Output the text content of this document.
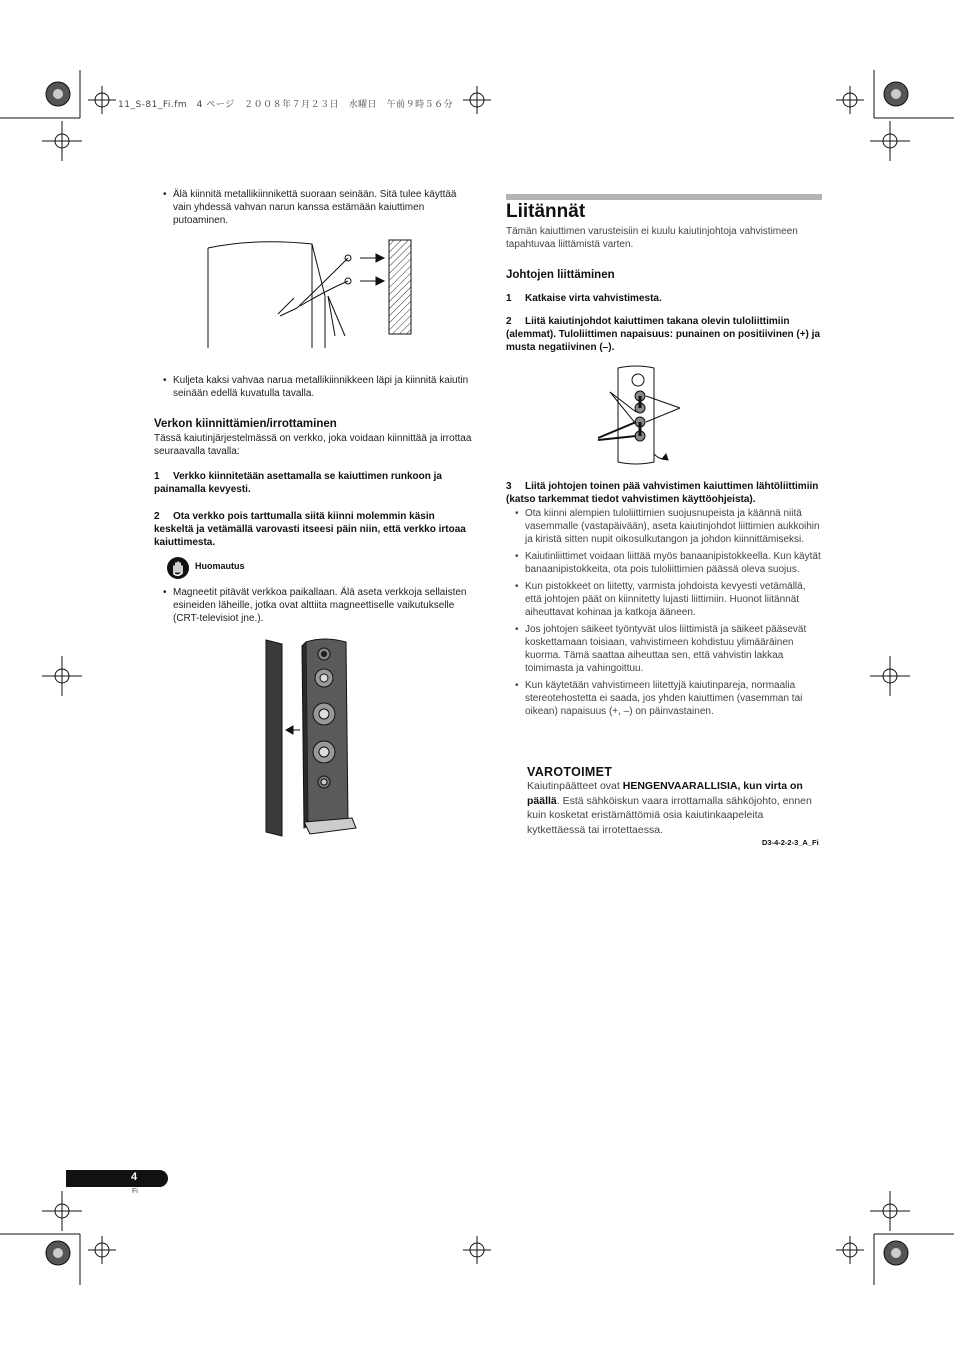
11_S-81_Fi.fm　4 ページ　２００８年７月２３日　水曜日　午前９時５６分

• Älä kiinnitä metallikiinnikettä suoraan seinään. Sitä tulee käyttää vain yhdessä vahvan narun kanssa estämään kaiuttimen putoaminen.

• Kuljeta kaksi vahvaa narua metallikiinnikkeen läpi ja kiinnitä kaiutin seinään edellä kuvatulla tavalla.

Verkon kiinnittämien/irrottaminen

Tässä kaiutinjärjestelmässä on verkko, joka voidaan kiinnittää ja irrottaa seuraavalla tavalla:

1 Verkko kiinnitetään asettamalla se kaiuttimen runkoon ja painamalla kevyesti.

2 Ota verkko pois tarttumalla siitä kiinni molemmin käsin keskeltä ja vetämällä varovasti itseesi päin niin, että verkko irtoaa kaiuttimesta.

Huomautus

• Magneetit pitävät verkkoa paikallaan. Älä aseta verkkoja sellaisten esineiden läheille, jotka ovat alttiita magneettiselle vaikutukselle (CRT-televisiot jne.).

Liitännät

Tämän kaiuttimen varusteisiin ei kuulu kaiutinjohtoja vahvistimeen tapahtuvaa liittämistä varten.

Johtojen liittäminen

1 Katkaise virta vahvistimesta.

2 Liitä kaiutinjohdot kaiuttimen takana olevin tuloliittimiin (alemmat). Tuloliittimen napaisuus: punainen on positiivinen (+) ja musta negatiivinen (–).

3 Liitä johtojen toinen pää vahvistimen kaiuttimen lähtöliittimiin (katso tarkemmat tiedot vahvistimen käyttöohjeista).

• Ota kiinni alempien tuloliittimien suojusnupeista ja käännä niitä vasemmalle (vastapäivään), aseta kaiutinjohdot liittimien aukkoihin ja kiristä sitten nupit oikosulkutangon ja johdon kiinnittämiseksi.

• Kaiutinliittimet voidaan liittää myös banaanipistokkeella. Kun käytät banaanipistokkeita, ota pois tuloliittimien päässä oleva suojus.

• Kun pistokkeet on liitetty, varmista johdoista kevyesti vetämällä, että johtojen päät on kiinnitetty lujasti liittimiin. Huonot liitännät aiheuttavat kohinaa ja katkoja ääneen.

• Jos johtojen säikeet työntyvät ulos liittimistä ja säikeet pääsevät koskettamaan toisiaan, vahvistimeen kohdistuu ylimääräinen kuorma. Tämä saattaa aiheuttaa sen, että vahvistin lakkaa toimimasta ja vahingoittuu.

• Kun käytetään vahvistimeen liitettyjä kaiutinpareja, normaalia stereotehostetta ei saada, jos yhden kaiuttimen (vasemman tai oikean) napaisuus (+, –) on päinvastainen.

VAROTOIMET
Kaiutinpäätteet ovat HENGENVAARALLISIA, kun virta on päällä. Estä sähköiskun vaara irrottamalla sähköjohto, ennen kuin kosketat eristämättömiä osia kaiutinkaapeleita kytkettäessä tai irrotettaessa.
D3-4-2-2-3_A_Fi
4
Fi
